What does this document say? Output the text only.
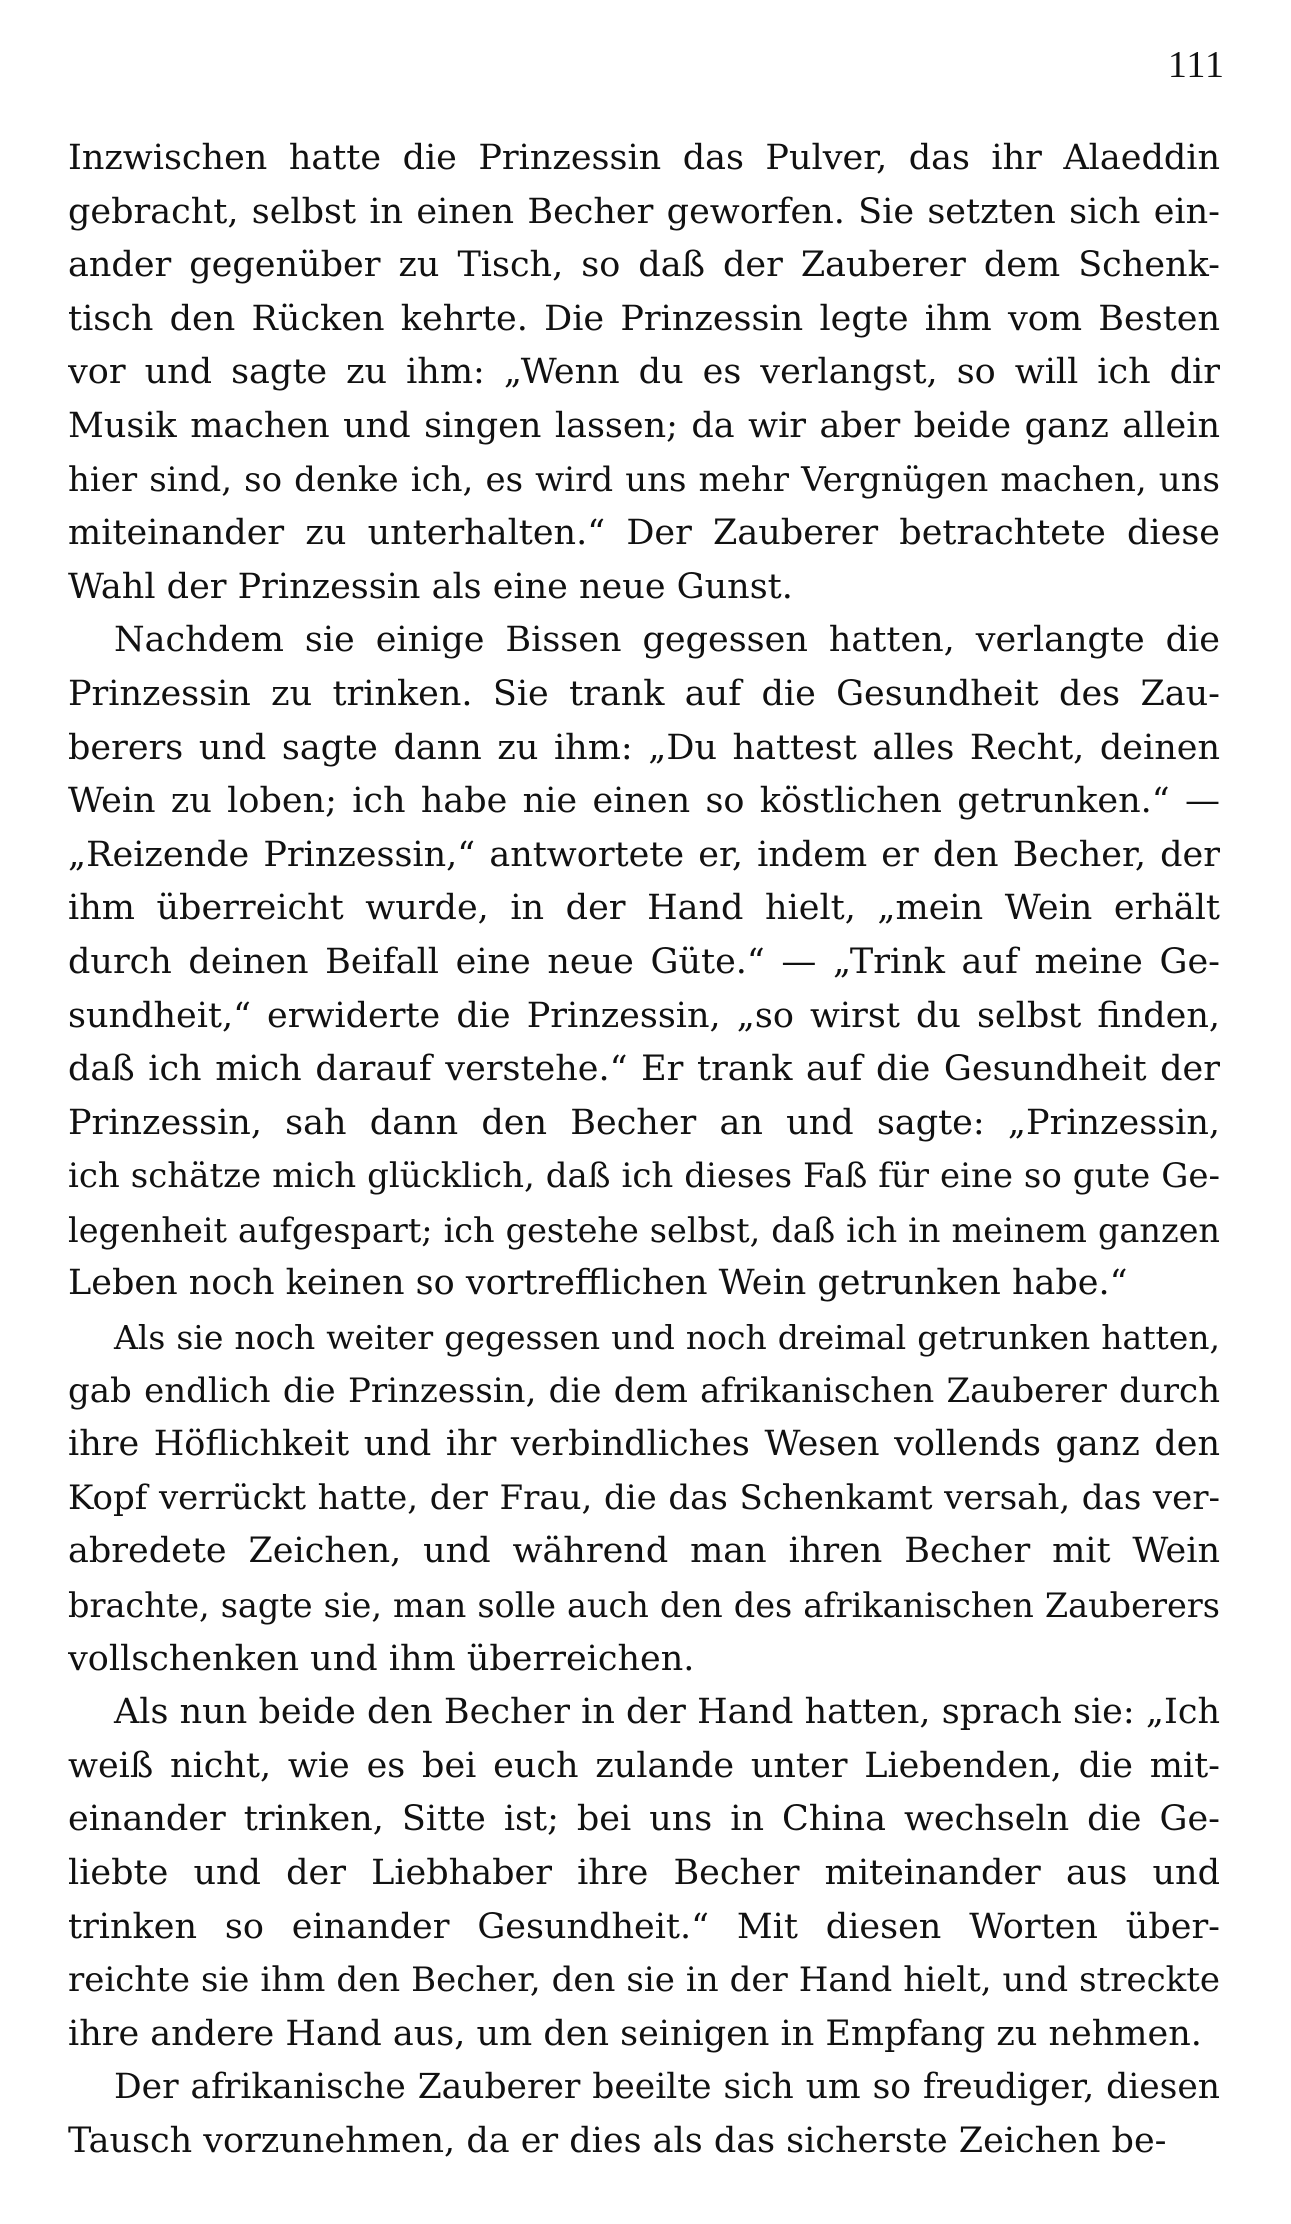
111

Inzwischen hatte die Prinzessin das Pulver, das ihr Alaeddin
gebracht, selbst in einen Becher geworfen. Sie setzten sich ein-
ander gegenüber zu Tisch, so daß der Zauberer dem Schenk-
tisch den Rücken kehrte. Die Prinzessin legte ihm vom Besten
vor und sagte zu ihm: „Wenn du es verlangst, so will ich dir
Musik machen und singen lassen; da wir aber beide ganz allein
hier sind, so denke ich, es wird uns mehr Vergnügen machen, uns
miteinander zu unterhalten.“ Der Zauberer betrachtete diese
Wahl der Prinzessin als eine neue Gunst.

Nachdem sie einige Bissen gegessen hatten, verlangte die
Prinzessin zu trinken. Sie trank auf die Gesundheit des Zau-
berers und sagte dann zu ihm: „Du hattest alles Recht, deinen
Wein zu loben; ich habe nie einen so köstlichen getrunken.“ —
„Reizende Prinzessin,“ antwortete er, indem er den Becher, der
ihm überreicht wurde, in der Hand hielt, „mein Wein erhält
durch deinen Beifall eine neue Güte.“ — „Trink auf meine Ge-
sundheit,“ erwiderte die Prinzessin, „so wirst du selbst finden,
daß ich mich darauf verstehe.“ Er trank auf die Gesundheit der
Prinzessin, sah dann den Becher an und sagte: „Prinzessin,
ich schätze mich glücklich, daß ich dieses Faß für eine so gute Ge-
legenheit aufgespart; ich gestehe selbst, daß ich in meinem ganzen
Leben noch keinen so vortrefflichen Wein getrunken habe.“

Als sie noch weiter gegessen und noch dreimal getrunken hatten,
gab endlich die Prinzessin, die dem afrikanischen Zauberer durch
ihre Höflichkeit und ihr verbindliches Wesen vollends ganz den
Kopf verrückt hatte, der Frau, die das Schenkamt versah, das ver-
abredete Zeichen, und während man ihren Becher mit Wein
brachte, sagte sie, man solle auch den des afrikanischen Zauberers
vollschenken und ihm überreichen.

Als nun beide den Becher in der Hand hatten, sprach sie: „Ich
weiß nicht, wie es bei euch zulande unter Liebenden, die mit-
einander trinken, Sitte ist; bei uns in China wechseln die Ge-
liebte und der Liebhaber ihre Becher miteinander aus und
trinken so einander Gesundheit.“ Mit diesen Worten über-
reichte sie ihm den Becher, den sie in der Hand hielt, und streckte
ihre andere Hand aus, um den seinigen in Empfang zu nehmen.

Der afrikanische Zauberer beeilte sich um so freudiger, diesen
Tausch vorzunehmen, da er dies als das sicherste Zeichen be-
